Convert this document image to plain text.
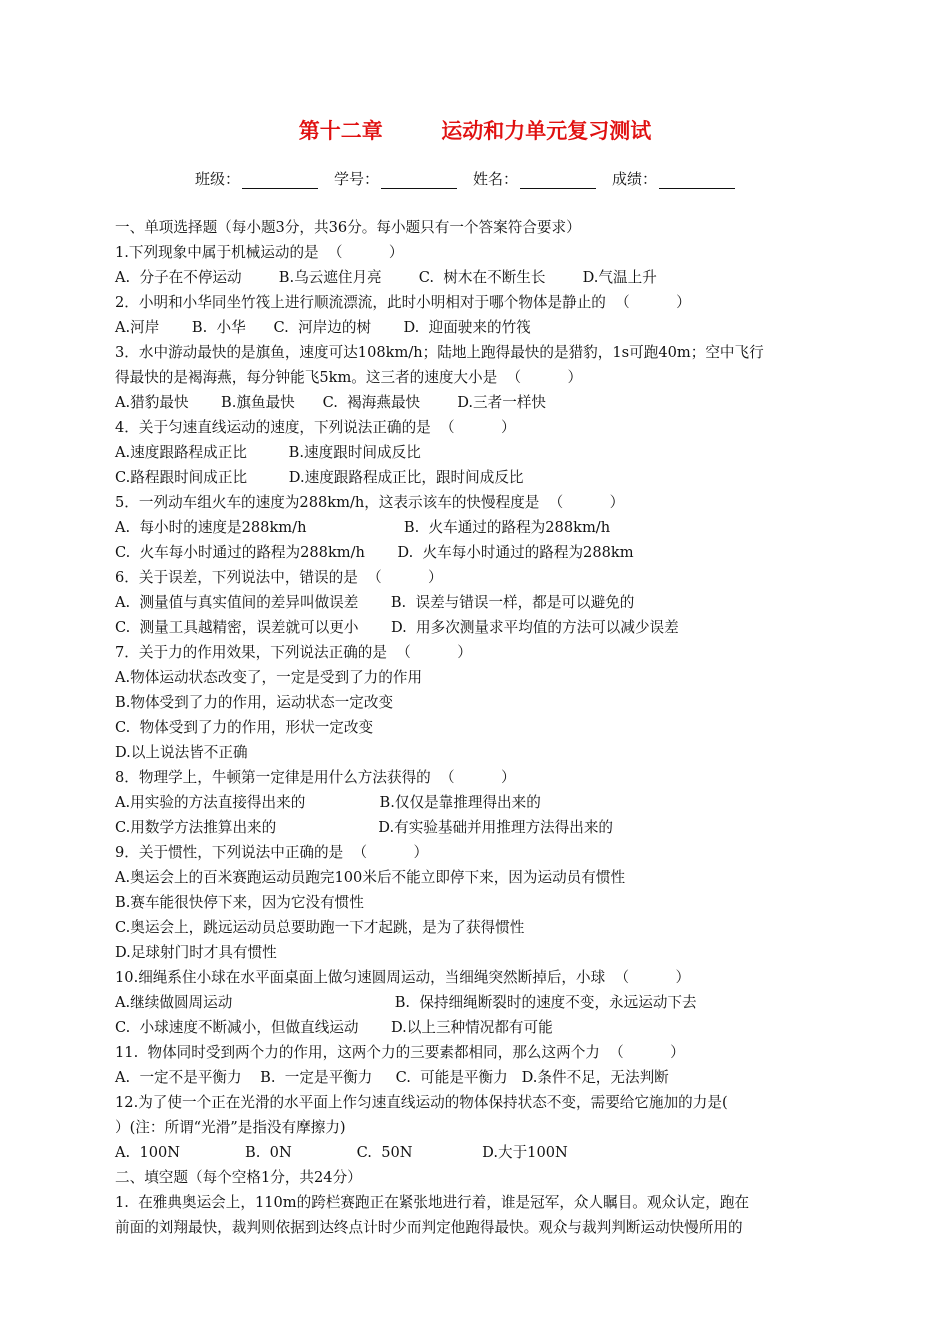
第十二章        运动和力单元复习测试
班级：	学号：	姓名：	成绩：
一、单项选择题（每小题3分，共36分。每小题只有一个答案符合要求）
1.下列现象中属于机械运动的是  （          ）
A.  分子在不停运动        B.乌云遮住月亮        C.  树木在不断生长        D.气温上升
2．小明和小华同坐竹筏上进行顺流漂流，此时小明相对于哪个物体是静止的  （          ）
A.河岸       B.  小华      C.  河岸边的树       D.  迎面驶来的竹筏
3．水中游动最快的是旗鱼，速度可达108km/h；陆地上跑得最快的是猎豹，1s可跑40m；空中飞行
得最快的是褐海燕，每分钟能飞5km。这三者的速度大小是  （          ）
A.猎豹最快       B.旗鱼最快      C.  褐海燕最快        D.三者一样快
4．关于匀速直线运动的速度，下列说法正确的是  （          ）
A.速度跟路程成正比         B.速度跟时间成反比
C.路程跟时间成正比         D.速度跟路程成正比，跟时间成反比
5．一列动车组火车的速度为288km/h，这表示该车的快慢程度是  （          ）
A.  每小时的速度是288km/h                     B.  火车通过的路程为288km/h
C.  火车每小时通过的路程为288km/h       D.  火车每小时通过的路程为288km
6．关于误差，下列说法中，错误的是  （          ）
A.  测量值与真实值间的差异叫做误差       B.  误差与错误一样，都是可以避免的
C.  测量工具越精密，误差就可以更小       D.  用多次测量求平均值的方法可以减少误差
7．关于力的作用效果，下列说法正确的是  （          ）
A.物体运动状态改变了，一定是受到了力的作用
B.物体受到了力的作用，运动状态一定改变
C.  物体受到了力的作用，形状一定改变
D.以上说法皆不正确
8．物理学上，牛顿第一定律是用什么方法获得的  （          ）
A.用实验的方法直接得出来的                B.仅仅是靠推理得出来的
C.用数学方法推算出来的                      D.有实验基础并用推理方法得出来的
9．关于惯性，下列说法中正确的是  （          ）
A.奥运会上的百米赛跑运动员跑完100米后不能立即停下来，因为运动员有惯性
B.赛车能很快停下来，因为它没有惯性
C.奥运会上，跳远运动员总要助跑一下才起跳，是为了获得惯性
D.足球射门时才具有惯性
10.细绳系住小球在水平面桌面上做匀速圆周运动，当细绳突然断掉后，小球  （          ）
A.继续做圆周运动                                   B.  保持细绳断裂时的速度不变，永远运动下去
C.  小球速度不断减小，但做直线运动       D.以上三种情况都有可能
11.  物体同时受到两个力的作用，这两个力的三要素都相同，那么这两个力  （          ）
A.  一定不是平衡力    B.  一定是平衡力     C.  可能是平衡力   D.条件不足，无法判断
12.为了使一个正在光滑的水平面上作匀速直线运动的物体保持状态不变，需要给它施加的力是(
）(注：所谓“光滑”是指没有摩擦力)
A.  100N              B.  0N              C.  50N               D.大于100N
二、填空题（每个空格1分，共24分）
1.  在雅典奥运会上，110m的跨栏赛跑正在紧张地进行着，谁是冠军，众人瞩目。观众认定，跑在
前面的刘翔最快，裁判则依据到达终点计时少而判定他跑得最快。观众与裁判判断运动快慢所用的
